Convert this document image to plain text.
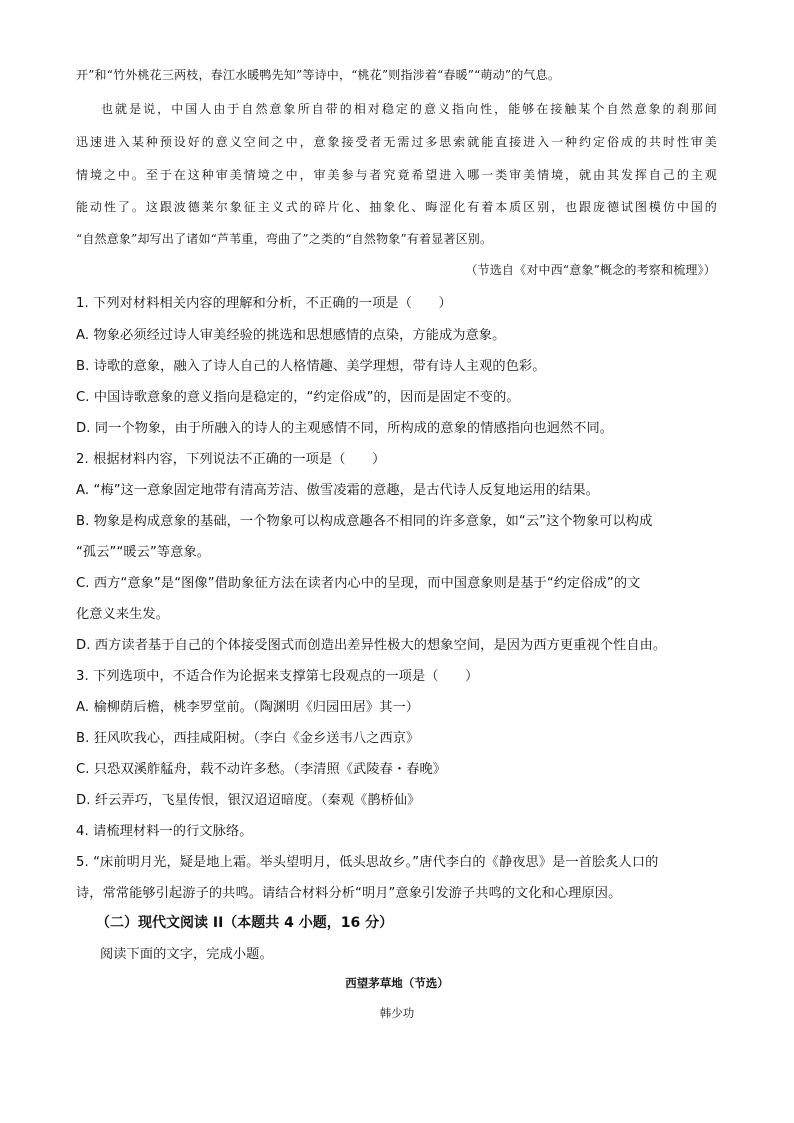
开”和“竹外桃花三两枝，春江水暖鸭先知”等诗中，“桃花”则指涉着“春暖”“萌动”的气息。
也就是说，中国人由于自然意象所自带的相对稳定的意义指向性，能够在接触某个自然意象的刹那间
迅速进入某种预设好的意义空间之中，意象接受者无需过多思索就能直接进入一种约定俗成的共时性审美
情境之中。至于在这种审美情境之中，审美参与者究竟希望进入哪一类审美情境，就由其发挥自己的主观
能动性了。这跟波德莱尔象征主义式的碎片化、抽象化、晦涩化有着本质区别，也跟庞德试图模仿中国的
“自然意象”却写出了诸如“芦苇重，弯曲了”之类的“自然物象”有着显著区别。
（节选自《对中西“意象”概念的考察和梳理》）
1. 下列对材料相关内容的理解和分析，不正确的一项是（　　）
A. 物象必须经过诗人审美经验的挑选和思想感情的点染，方能成为意象。
B. 诗歌的意象，融入了诗人自己的人格情趣、美学理想，带有诗人主观的色彩。
C. 中国诗歌意象的意义指向是稳定的，“约定俗成”的，因而是固定不变的。
D. 同一个物象，由于所融入的诗人的主观感情不同，所构成的意象的情感指向也迥然不同。
2. 根据材料内容，下列说法不正确的一项是（　　）
A. “梅”这一意象固定地带有清高芳洁、傲雪凌霜的意趣，是古代诗人反复地运用的结果。
B. 物象是构成意象的基础，一个物象可以构成意趣各不相同的许多意象，如“云”这个物象可以构成
“孤云”“暖云”等意象。
C. 西方“意象”是“图像”借助象征方法在读者内心中的呈现，而中国意象则是基于“约定俗成”的文
化意义来生发。
D. 西方读者基于自己的个体接受图式而创造出差异性极大的想象空间，是因为西方更重视个性自由。
3. 下列选项中，不适合作为论据来支撑第七段观点的一项是（　　）
A. 榆柳荫后檐，桃李罗堂前。（陶渊明《归园田居》其一）
B. 狂风吹我心，西挂咸阳树。（李白《金乡送韦八之西京》
C. 只恐双溪舴艋舟，载不动许多愁。（李清照《武陵春・春晚》
D. 纤云弄巧，飞星传恨，银汉迢迢暗度。（秦观《鹊桥仙》
4. 请梳理材料一的行文脉络。
5. “床前明月光，疑是地上霜。举头望明月，低头思故乡。”唐代李白的《静夜思》是一首脍炙人口的
诗，常常能够引起游子的共鸣。请结合材料分析“明月”意象引发游子共鸣的文化和心理原因。
（二）现代文阅读 II（本题共 4 小题，16 分）
阅读下面的文字，完成小题。
西望茅草地（节选）
韩少功
